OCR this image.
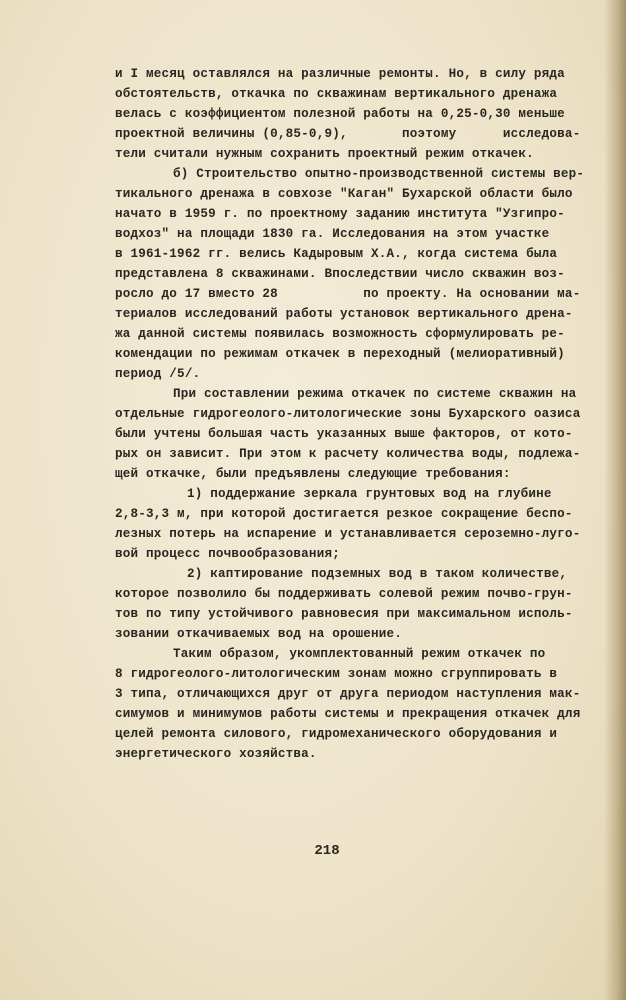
и I месяц оставлялся на различные ремонты. Но, в силу ряда
обстоятельств, откачка по скважинам вертикального дренажа
велась с коэффициентом полезной работы на 0,25-0,30 меньше
проектной величины (0,85-0,9),       поэтому      исследова-
тели считали нужным сохранить проектный режим откачек.
б) Строительство опытно-производственной системы вер-
тикального дренажа в совхозе "Каган" Бухарской области было
начато в 1959 г. по проектному заданию института "Узгипро-
водхоз" на площади 1830 га. Исследования на этом участке
в 1961-1962 гг. велись Кадыровым Х.А., когда система была
представлена 8 скважинами. Впоследствии число скважин воз-
росло до 17 вместо 28           по проекту. На основании ма-
териалов исследований работы установок вертикального дрена-
жа данной системы появилась возможность сформулировать ре-
комендации по режимам откачек в переходный (мелиоративный)
период /5/.
При составлении режима откачек по системе скважин на
отдельные гидрогеолого-литологические зоны Бухарского оазиса
были учтены большая часть указанных выше факторов, от кото-
рых он зависит. При этом к расчету количества воды, подлежа-
щей откачке, были предъявлены следующие требования:
1) поддержание зеркала грунтовых вод на глубине
2,8-3,3 м, при которой достигается резкое сокращение беспо-
лезных потерь на испарение и устанавливается сероземно-луго-
вой процесс почвообразования;
2) каптирование подземных вод в таком количестве,
которое позволило бы поддерживать солевой режим почво-грун-
тов по типу устойчивого равновесия при максимальном исполь-
зовании откачиваемых вод на орошение.
Таким образом, укомплектованный режим откачек по
8 гидрогеолого-литологическим зонам можно сгруппировать в
3 типа, отличающихся друг от друга периодом наступления мак-
симумов и минимумов работы системы и прекращения откачек для
целей ремонта силового, гидромеханического оборудования и
энергетического хозяйства.
218
